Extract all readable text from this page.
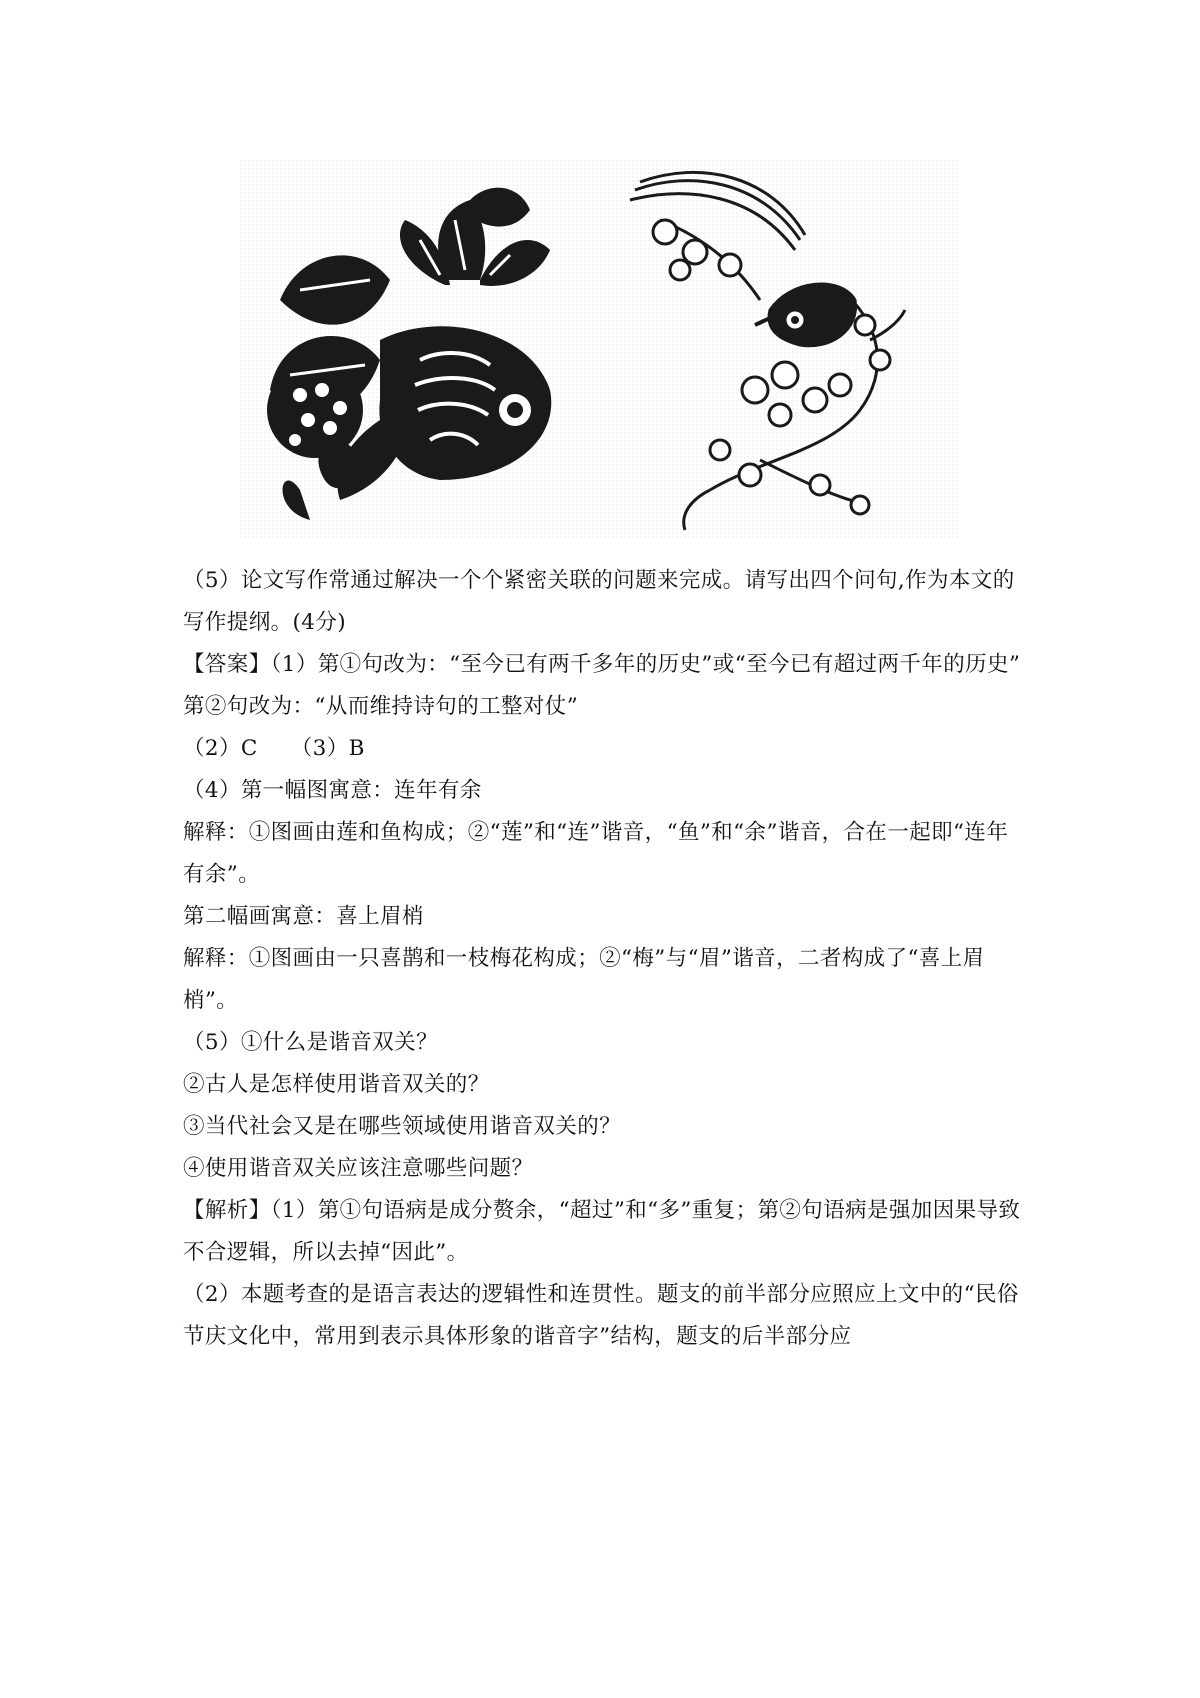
（5）论文写作常通过解决一个个紧密关联的问题来完成。请写出四个问句,作为本文的写作提纲。(4分)

【答案】（1）第①句改为：“至今已有两千多年的历史”或“至今已有超过两千年的历史”

第②句改为：“从而维持诗句的工整对仗”

（2）C　　（3）B

（4）第一幅图寓意：连年有余

解释：①图画由莲和鱼构成；②“莲”和“连”谐音，“鱼”和“余”谐音，合在一起即“连年有余”。

第二幅画寓意：喜上眉梢

解释：①图画由一只喜鹊和一枝梅花构成；②“梅”与“眉”谐音，二者构成了“喜上眉梢”。

（5）①什么是谐音双关？

②古人是怎样使用谐音双关的？

③当代社会又是在哪些领域使用谐音双关的？

④使用谐音双关应该注意哪些问题？

【解析】（1）第①句语病是成分赘余，“超过”和“多”重复；第②句语病是强加因果导致不合逻辑，所以去掉“因此”。

（2）本题考查的是语言表达的逻辑性和连贯性。题支的前半部分应照应上文中的“民俗节庆文化中，常用到表示具体形象的谐音字”结构，题支的后半部分应
